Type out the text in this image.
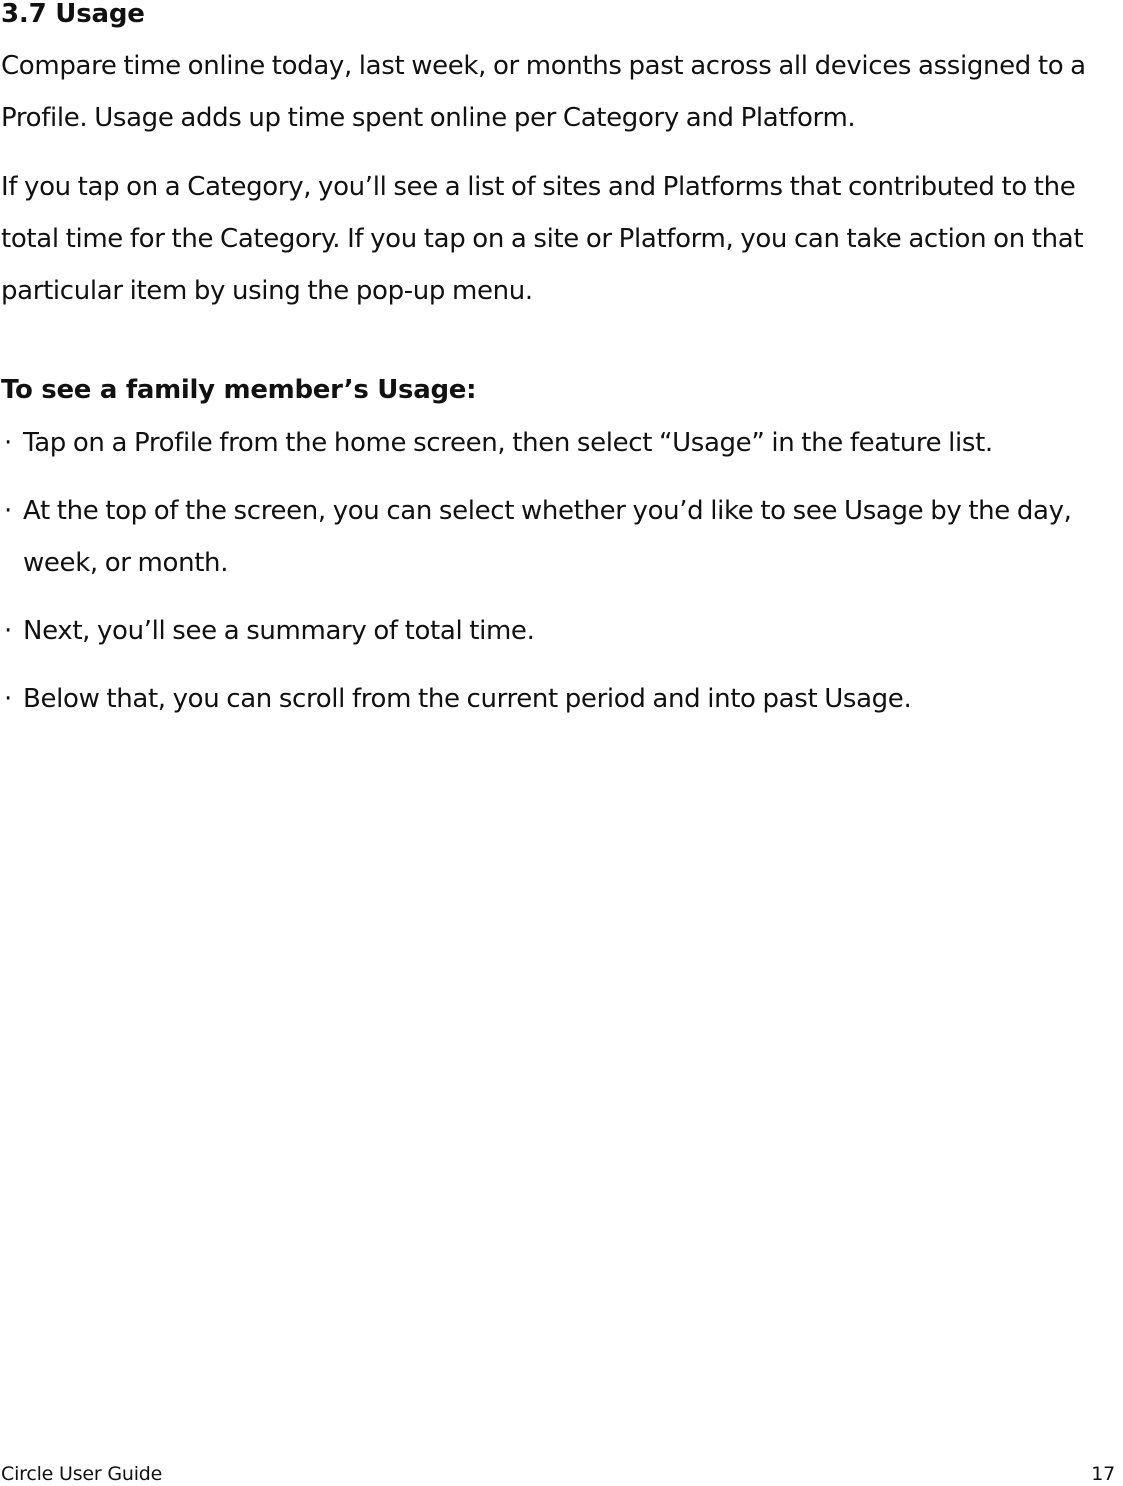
3.7 Usage

Compare time online today, last week, or months past across all devices assigned to a Profile. Usage adds up time spent online per Category and Platform.

If you tap on a Category, you’ll see a list of sites and Platforms that contributed to the total time for the Category. If you tap on a site or Platform, you can take action on that particular item by using the pop-up menu.

To see a family member’s Usage:
· Tap on a Profile from the home screen, then select “Usage” in the feature list.
· At the top of the screen, you can select whether you’d like to see Usage by the day, week, or month.
· Next, you’ll see a summary of total time.
· Below that, you can scroll from the current period and into past Usage.
Circle User Guide	17
